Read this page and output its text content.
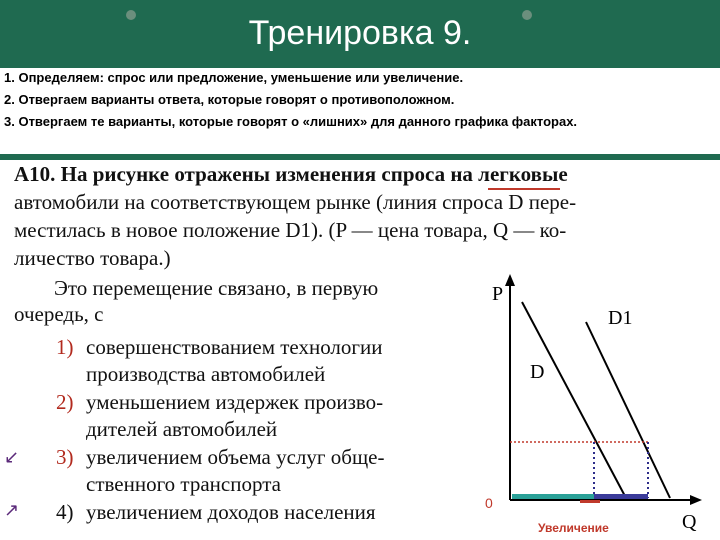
Тренировка 9.
1. Определяем: спрос или предложение, уменьшение или увеличение.
2. Отвергаем варианты ответа, которые говорят о противоположном.
3. Отвергаем те варианты, которые говорят о «лишних» для данного графика факторах.
А10. На рисунке отражены изменения спроса на легковые
автомобили на соответствующем рынке (линия спроса D пере-
местилась в новое положение D1). (P — цена товара, Q — ко-
личество товара.)
Это перемещение связано, в первую
очередь, с
1) совершенствованием технологии
производства автомобилей
2) уменьшением издержек произво-
дителей автомобилей
3) увеличением объема услуг обще-
ственного транспорта
4) увеличением доходов населения
↙
↗
P
D1
D
0
Q
Увеличение
